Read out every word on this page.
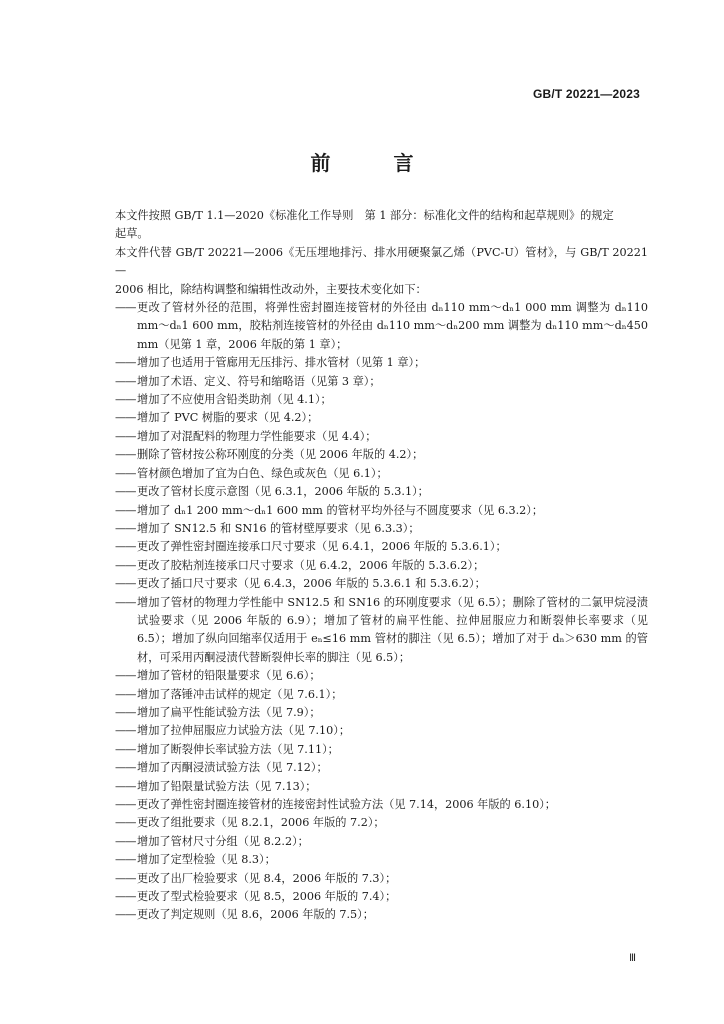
GB/T 20221—2023
前 言

本文件按照 GB/T 1.1—2020《标准化工作导则　第 1 部分：标准化文件的结构和起草规则》的规定
起草。

本文件代替 GB/T 20221—2006《无压埋地排污、排水用硬聚氯乙烯（PVC-U）管材》，与 GB/T 20221—
2006 相比，除结构调整和编辑性改动外，主要技术变化如下：

—— 更改了管材外径的范围，将弹性密封圈连接管材的外径由 dₙ110 mm～dₙ1 000 mm 调整为 dₙ110 mm～dₙ1 600 mm，胶粘剂连接管材的外径由 dₙ110 mm～dₙ200 mm 调整为 dₙ110 mm～dₙ450 mm（见第 1 章，2006 年版的第 1 章）；
—— 增加了也适用于管廊用无压排污、排水管材（见第 1 章）；
—— 增加了术语、定义、符号和缩略语（见第 3 章）；
—— 增加了不应使用含铅类助剂（见 4.1）；
—— 增加了 PVC 树脂的要求（见 4.2）；
—— 增加了对混配料的物理力学性能要求（见 4.4）；
—— 删除了管材按公称环刚度的分类（见 2006 年版的 4.2）；
—— 管材颜色增加了宜为白色、绿色或灰色（见 6.1）；
—— 更改了管材长度示意图（见 6.3.1，2006 年版的 5.3.1）；
—— 增加了 dₙ1 200 mm～dₙ1 600 mm 的管材平均外径与不圆度要求（见 6.3.2）；
—— 增加了 SN12.5 和 SN16 的管材壁厚要求（见 6.3.3）；
—— 更改了弹性密封圈连接承口尺寸要求（见 6.4.1，2006 年版的 5.3.6.1）；
—— 更改了胶粘剂连接承口尺寸要求（见 6.4.2，2006 年版的 5.3.6.2）；
—— 更改了插口尺寸要求（见 6.4.3，2006 年版的 5.3.6.1 和 5.3.6.2）；
—— 增加了管材的物理力学性能中 SN12.5 和 SN16 的环刚度要求（见 6.5）；删除了管材的二氯甲烷浸渍试验要求（见 2006 年版的 6.9）；增加了管材的扁平性能、拉伸屈服应力和断裂伸长率要求（见 6.5）；增加了纵向回缩率仅适用于 eₙ≤16 mm 管材的脚注（见 6.5）；增加了对于 dₙ＞630 mm 的管材，可采用丙酮浸渍代替断裂伸长率的脚注（见 6.5）；
—— 增加了管材的铅限量要求（见 6.6）；
—— 增加了落锤冲击试样的规定（见 7.6.1）；
—— 增加了扁平性能试验方法（见 7.9）；
—— 增加了拉伸屈服应力试验方法（见 7.10）；
—— 增加了断裂伸长率试验方法（见 7.11）；
—— 增加了丙酮浸渍试验方法（见 7.12）；
—— 增加了铅限量试验方法（见 7.13）；
—— 更改了弹性密封圈连接管材的连接密封性试验方法（见 7.14，2006 年版的 6.10）；
—— 更改了组批要求（见 8.2.1，2006 年版的 7.2）；
—— 增加了管材尺寸分组（见 8.2.2）；
—— 增加了定型检验（见 8.3）；
—— 更改了出厂检验要求（见 8.4，2006 年版的 7.3）；
—— 更改了型式检验要求（见 8.5，2006 年版的 7.4）；
—— 更改了判定规则（见 8.6，2006 年版的 7.5）；
Ⅲ
